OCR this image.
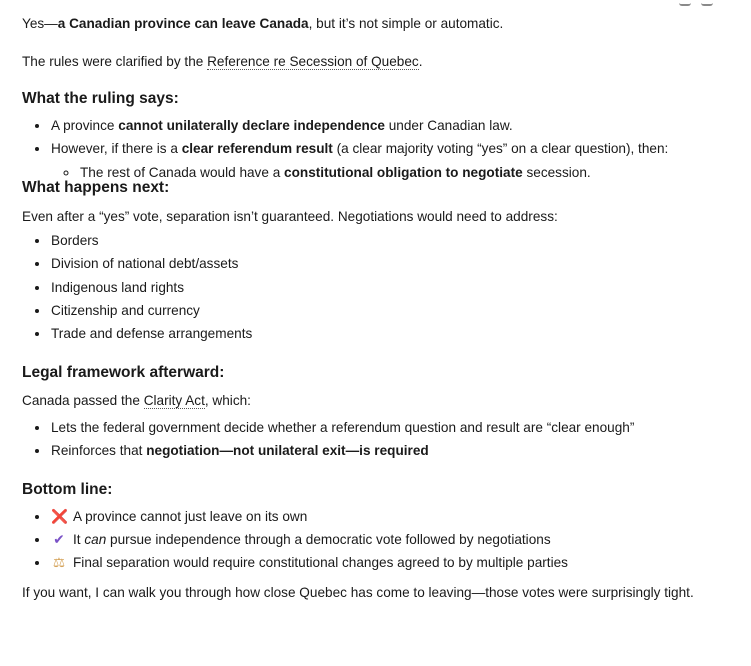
Yes—a Canadian province can leave Canada, but it’s not simple or automatic.

The rules were clarified by the Reference re Secession of Quebec.

What the ruling says:
• A province cannot unilaterally declare independence under Canadian law.
• However, if there is a clear referendum result (a clear majority voting “yes” on a clear question), then:
◦ The rest of Canada would have a constitutional obligation to negotiate secession.
What happens next:

Even after a “yes” vote, separation isn’t guaranteed. Negotiations would need to address:

• Borders
• Division of national debt/assets
• Indigenous land rights
• Citizenship and currency
• Trade and defense arrangements
Legal framework afterward:

Canada passed the Clarity Act, which:

• Lets the federal government decide whether a referendum question and result are “clear enough”
• Reinforces that negotiation—not unilateral exit—is required
Bottom line:
• ❌ A province cannot just leave on its own
• ✔ It can pursue independence through a democratic vote followed by negotiations
• ⚖ Final separation would require constitutional changes agreed to by multiple parties

If you want, I can walk you through how close Quebec has come to leaving—those votes were surprisingly tight.
